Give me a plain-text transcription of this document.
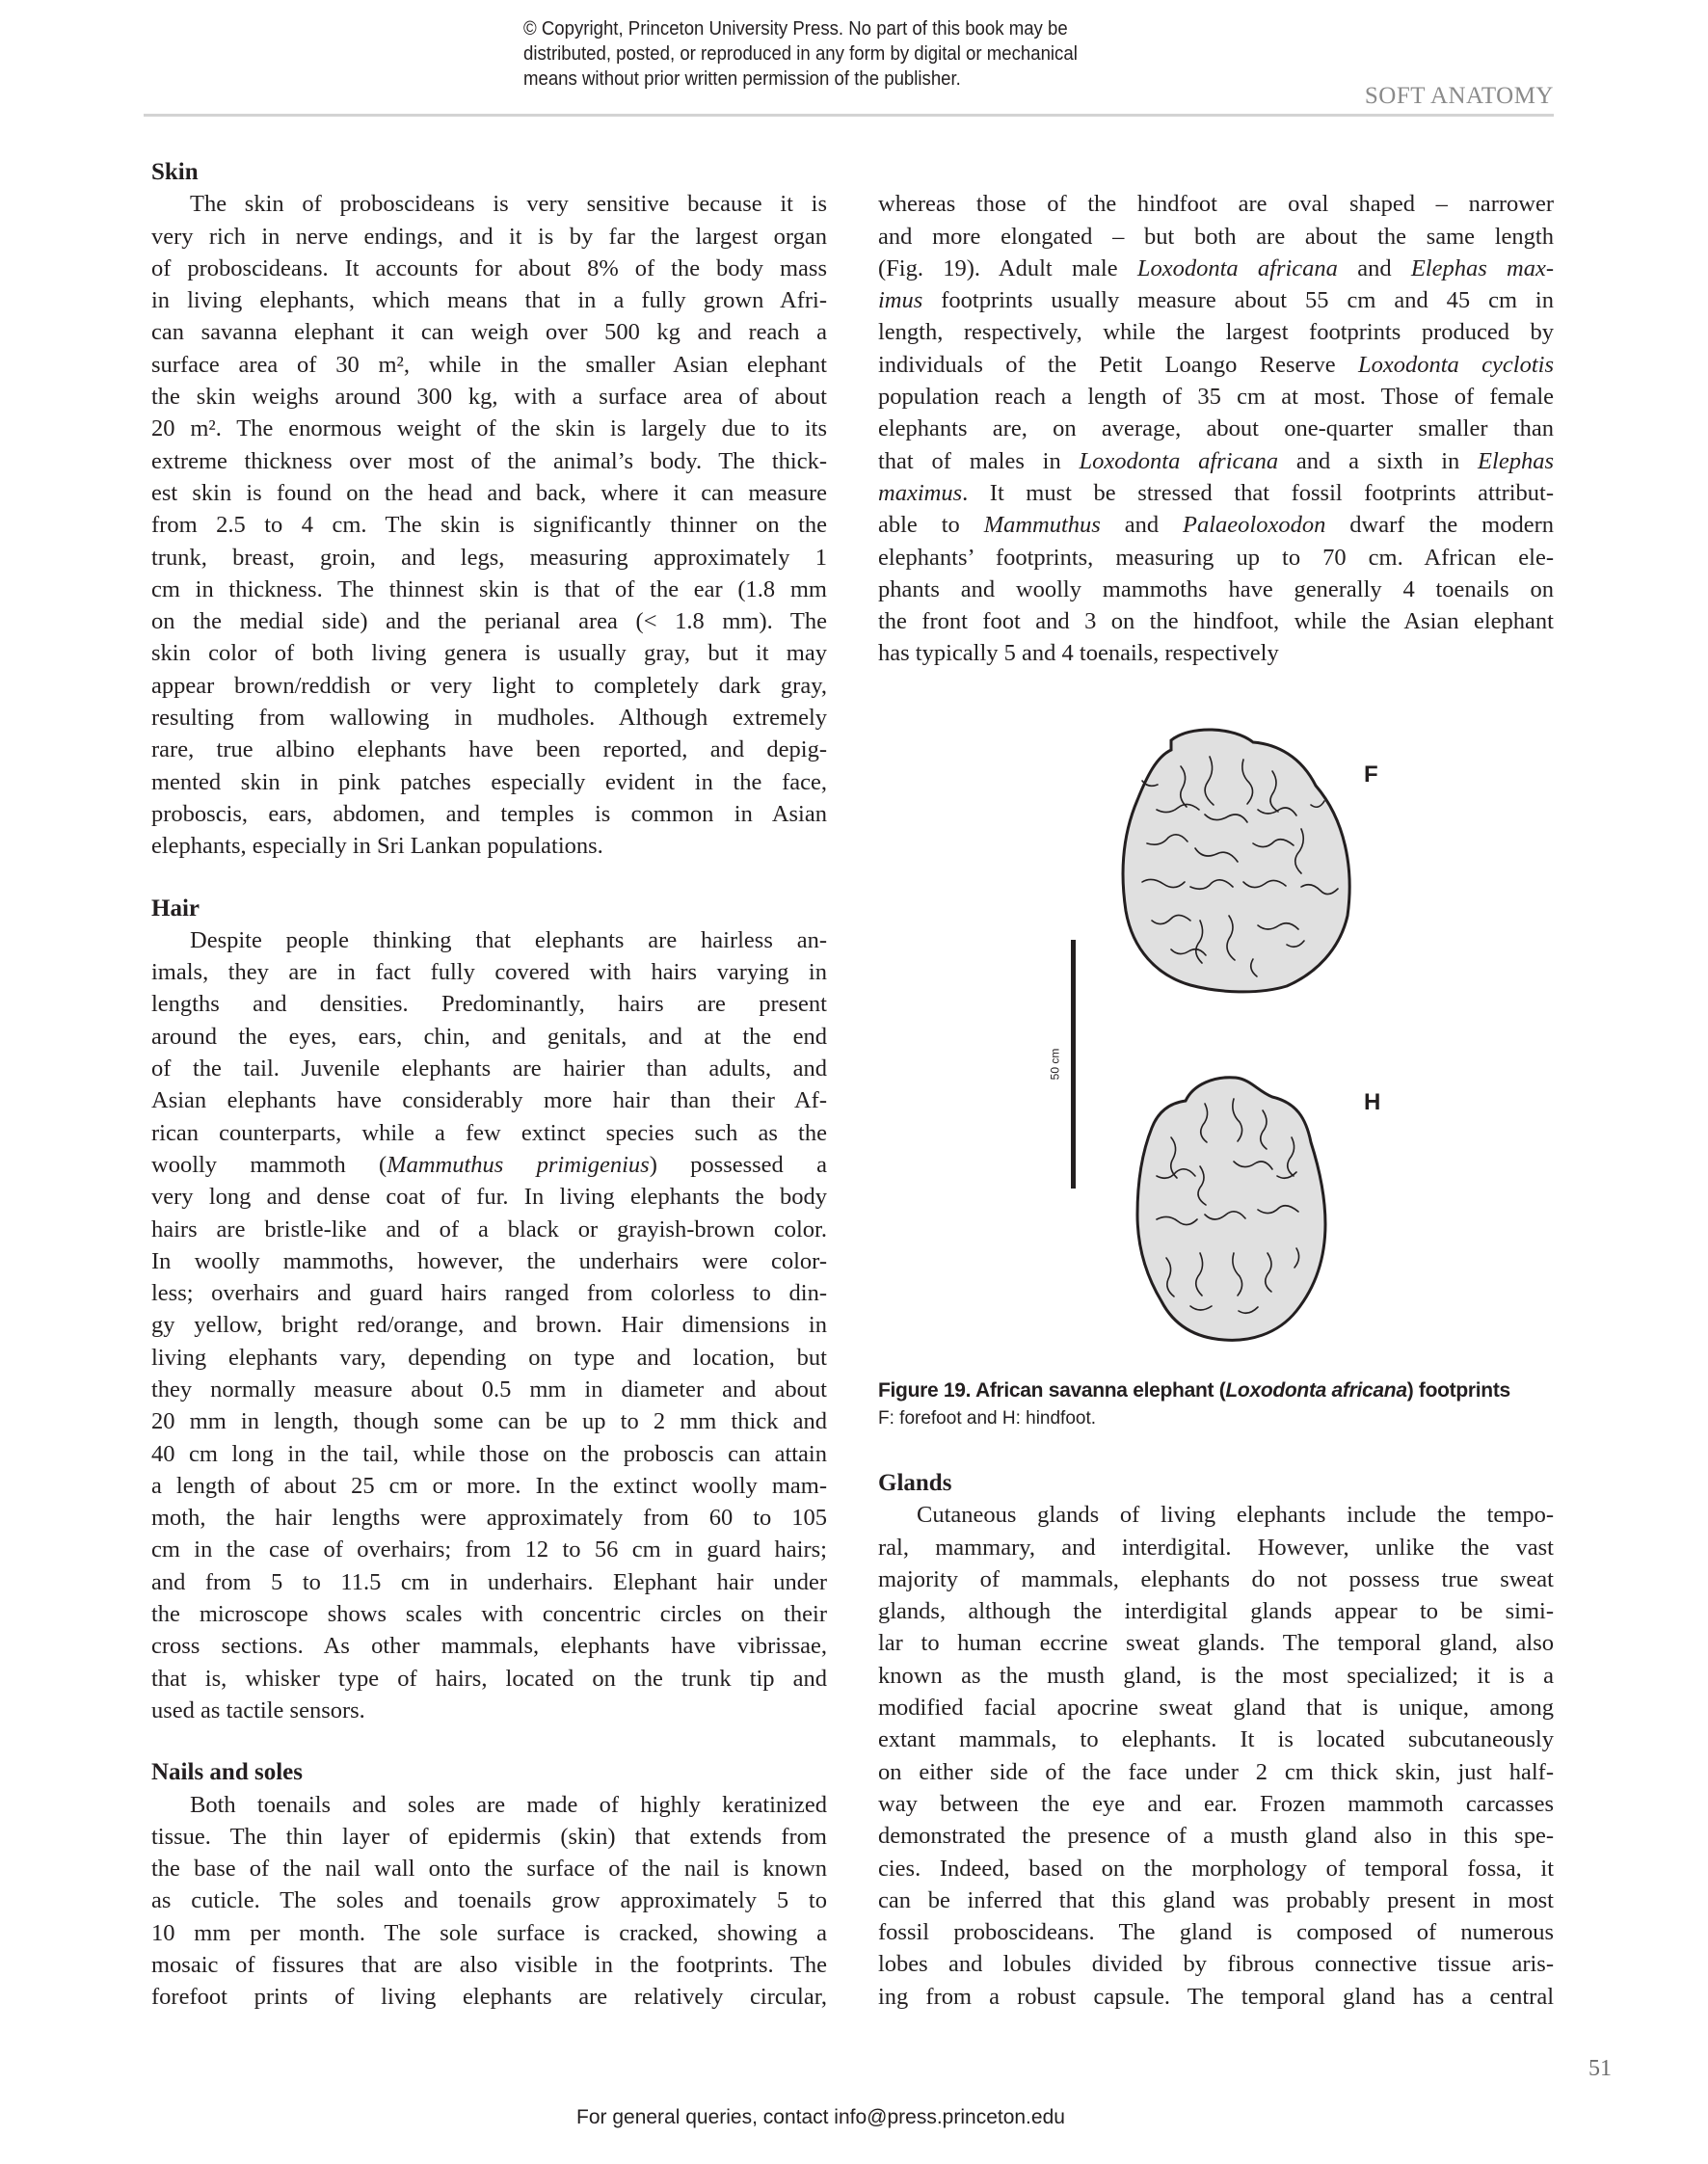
© Copyright, Princeton University Press. No part of this book may be
distributed, posted, or reproduced in any form by digital or mechanical
means without prior written permission of the publisher.
SOFT ANATOMY
Skin
The skin of proboscideans is very sensitive because it is
very rich in nerve endings, and it is by far the largest organ
of proboscideans. It accounts for about 8% of the body mass
in living elephants, which means that in a fully grown Afri-
can savanna elephant it can weigh over 500 kg and reach a
surface area of 30 m², while in the smaller Asian elephant
the skin weighs around 300 kg, with a surface area of about
20 m². The enormous weight of the skin is largely due to its
extreme thickness over most of the animal’s body. The thick-
est skin is found on the head and back, where it can measure
from 2.5 to 4 cm. The skin is significantly thinner on the
trunk, breast, groin, and legs, measuring approximately 1
cm in thickness. The thinnest skin is that of the ear (1.8 mm
on the medial side) and the perianal area (< 1.8 mm). The
skin color of both living genera is usually gray, but it may
appear brown/reddish or very light to completely dark gray,
resulting from wallowing in mudholes. Although extremely
rare, true albino elephants have been reported, and depig-
mented skin in pink patches especially evident in the face,
proboscis, ears, abdomen, and temples is common in Asian
elephants, especially in Sri Lankan populations.
Hair
Despite people thinking that elephants are hairless an-
imals, they are in fact fully covered with hairs varying in
lengths and densities. Predominantly, hairs are present
around the eyes, ears, chin, and genitals, and at the end
of the tail. Juvenile elephants are hairier than adults, and
Asian elephants have considerably more hair than their Af-
rican counterparts, while a few extinct species such as the
woolly mammoth (Mammuthus primigenius) possessed a
very long and dense coat of fur. In living elephants the body
hairs are bristle-like and of a black or grayish-brown color.
In woolly mammoths, however, the underhairs were color-
less; overhairs and guard hairs ranged from colorless to din-
gy yellow, bright red/orange, and brown. Hair dimensions in
living elephants vary, depending on type and location, but
they normally measure about 0.5 mm in diameter and about
20 mm in length, though some can be up to 2 mm thick and
40 cm long in the tail, while those on the proboscis can attain
a length of about 25 cm or more. In the extinct woolly mam-
moth, the hair lengths were approximately from 60 to 105
cm in the case of overhairs; from 12 to 56 cm in guard hairs;
and from 5 to 11.5 cm in underhairs. Elephant hair under
the microscope shows scales with concentric circles on their
cross sections. As other mammals, elephants have vibrissae,
that is, whisker type of hairs, located on the trunk tip and
used as tactile sensors.
Nails and soles
Both toenails and soles are made of highly keratinized
tissue. The thin layer of epidermis (skin) that extends from
the base of the nail wall onto the surface of the nail is known
as cuticle. The soles and toenails grow approximately 5 to
10 mm per month. The sole surface is cracked, showing a
mosaic of fissures that are also visible in the footprints. The
forefoot prints of living elephants are relatively circular,
whereas those of the hindfoot are oval shaped – narrower
and more elongated – but both are about the same length
(Fig. 19). Adult male Loxodonta africana and Elephas max-
imus footprints usually measure about 55 cm and 45 cm in
length, respectively, while the largest footprints produced by
individuals of the Petit Loango Reserve Loxodonta cyclotis
population reach a length of 35 cm at most. Those of female
elephants are, on average, about one-quarter smaller than
that of males in Loxodonta africana and a sixth in Elephas
maximus. It must be stressed that fossil footprints attribut-
able to Mammuthus and Palaeoloxodon dwarf the modern
elephants’ footprints, measuring up to 70 cm. African ele-
phants and woolly mammoths have generally 4 toenails on
the front foot and 3 on the hindfoot, while the Asian elephant
has typically 5 and 4 toenails, respectively
F
H
50 cm
Figure 19. African savanna elephant (Loxodonta africana) footprints
F: forefoot and H: hindfoot.
Glands
Cutaneous glands of living elephants include the tempo-
ral, mammary, and interdigital. However, unlike the vast
majority of mammals, elephants do not possess true sweat
glands, although the interdigital glands appear to be simi-
lar to human eccrine sweat glands. The temporal gland, also
known as the musth gland, is the most specialized; it is a
modified facial apocrine sweat gland that is unique, among
extant mammals, to elephants. It is located subcutaneously
on either side of the face under 2 cm thick skin, just half-
way between the eye and ear. Frozen mammoth carcasses
demonstrated the presence of a musth gland also in this spe-
cies. Indeed, based on the morphology of temporal fossa, it
can be inferred that this gland was probably present in most
fossil proboscideans. The gland is composed of numerous
lobes and lobules divided by fibrous connective tissue aris-
ing from a robust capsule. The temporal gland has a central
51
For general queries, contact info@press.princeton.edu
